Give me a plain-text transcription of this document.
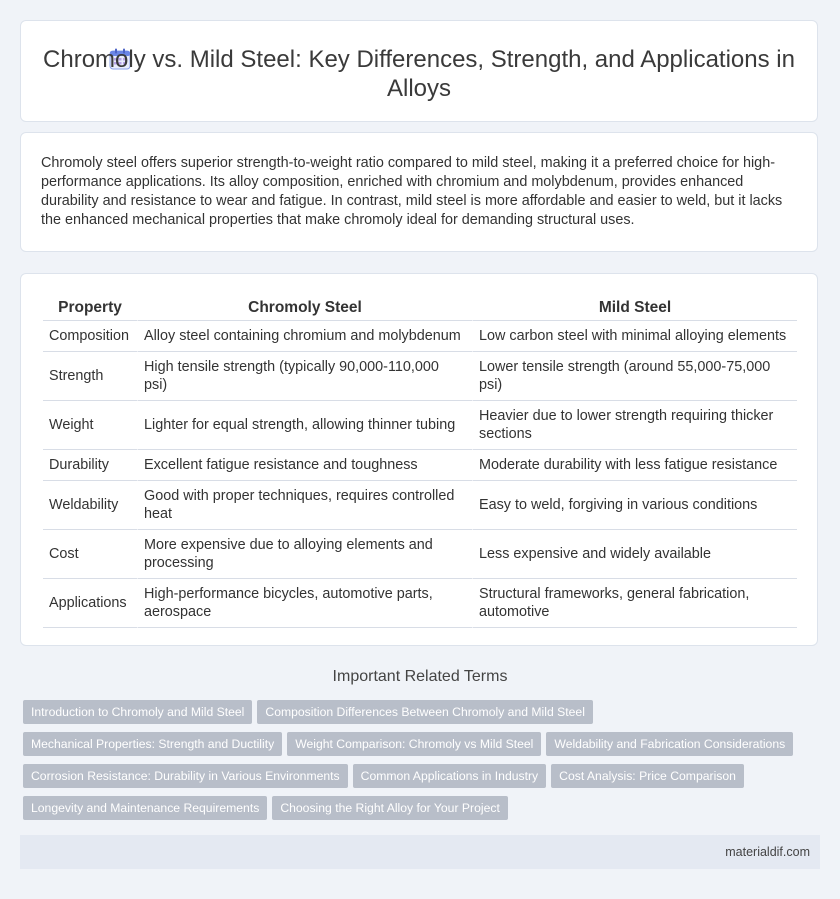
Chromoly vs. Mild Steel: Key Differences, Strength, and Applications in Alloys

Chromoly steel offers superior strength-to-weight ratio compared to mild steel, making it a preferred choice for high-performance applications. Its alloy composition, enriched with chromium and molybdenum, provides enhanced durability and resistance to wear and fatigue. In contrast, mild steel is more affordable and easier to weld, but it lacks the enhanced mechanical properties that make chromoly ideal for demanding structural uses.

Property	Chromoly Steel	Mild Steel
Composition	Alloy steel containing chromium and molybdenum	Low carbon steel with minimal alloying elements
Strength	High tensile strength (typically 90,000-110,000 psi)	Lower tensile strength (around 55,000-75,000 psi)
Weight	Lighter for equal strength, allowing thinner tubing	Heavier due to lower strength requiring thicker sections
Durability	Excellent fatigue resistance and toughness	Moderate durability with less fatigue resistance
Weldability	Good with proper techniques, requires controlled heat	Easy to weld, forgiving in various conditions
Cost	More expensive due to alloying elements and processing	Less expensive and widely available
Applications	High-performance bicycles, automotive parts, aerospace	Structural frameworks, general fabrication, automotive
Important Related Terms
Introduction to Chromoly and Mild Steel Composition Differences Between Chromoly and Mild Steel
Mechanical Properties: Strength and Ductility Weight Comparison: Chromoly vs Mild Steel Weldability and Fabrication Considerations
Corrosion Resistance: Durability in Various Environments Common Applications in Industry Cost Analysis: Price Comparison
Longevity and Maintenance Requirements Choosing the Right Alloy for Your Project
materialdif.com
